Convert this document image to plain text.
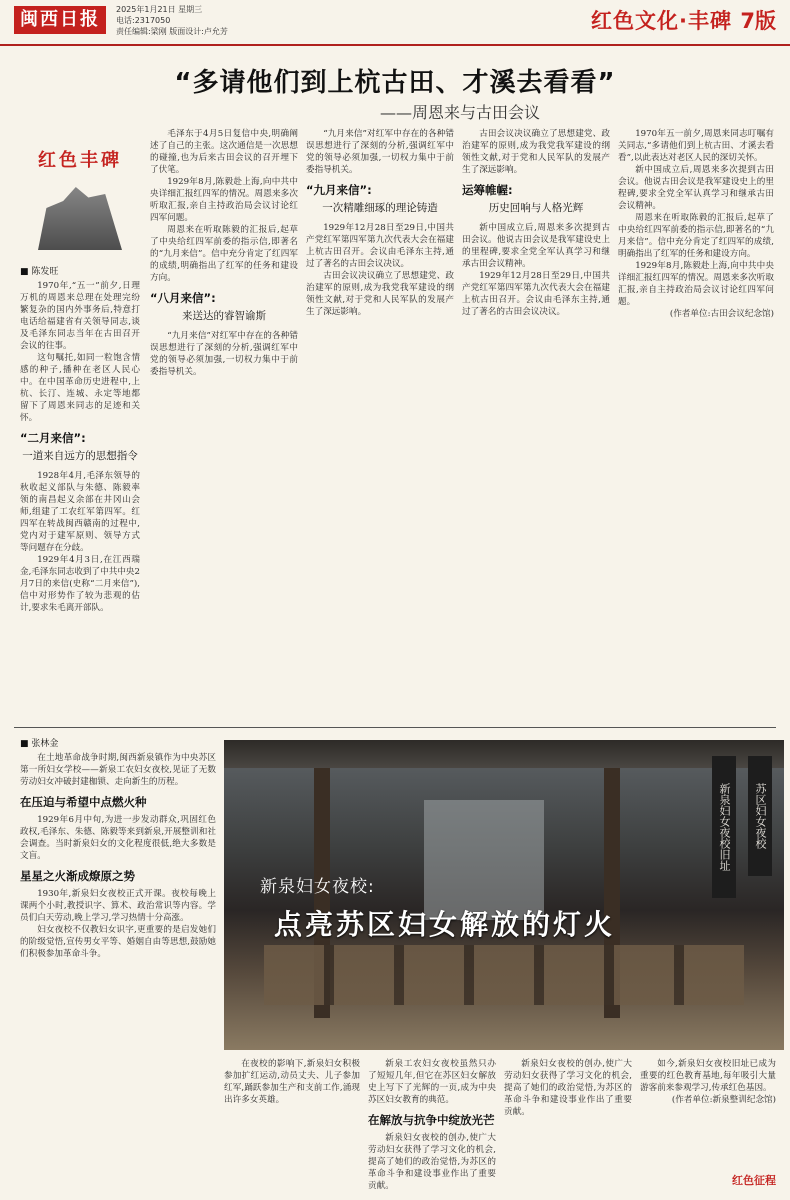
闽西日报	2025年1月21日 星期三
电话:2317050
责任编辑:梁刚 版面设计:卢允芳	红色文化·丰碑 7版
“多请他们到上杭古田、才溪去看看”
——周恩来与古田会议
红色丰碑
■ 陈发旺

1970年,“五一”前夕,日理万机的周恩来总理在处理完纷繁复杂的国内外事务后,特意打电话给福建省有关领导同志,谈及毛泽东同志当年在古田召开会议的往事。

这句嘱托,如同一粒饱含情感的种子,播种在老区人民心中。在中国革命历史进程中,上杭、长汀、连城、永定等地都留下了周恩来同志的足迹和关怀。

“二月来信”:
一道来自远方的思想指令

1928年4月,毛泽东领导的秋收起义部队与朱德、陈毅率领的南昌起义余部在井冈山会师,组建了工农红军第四军。红四军在转战闽西赣南的过程中,党内对于建军原则、领导方式等问题存在分歧。

1929年4月3日,在江西瑞金,毛泽东同志收到了中共中央2月7日的来信(史称“二月来信”),信中对形势作了较为悲观的估计,要求朱毛离开部队。

毛泽东于4月5日复信中央,明确阐述了自己的主张。这次通信是一次思想的碰撞,也为后来古田会议的召开埋下了伏笔。

1929年8月,陈毅赴上海,向中共中央详细汇报红四军的情况。周恩来多次听取汇报,亲自主持政治局会议讨论红四军问题。

周恩来在听取陈毅的汇报后,起草了中央给红四军前委的指示信,即著名的“九月来信”。信中充分肯定了红四军的成绩,明确指出了红军的任务和建设方向。

“八月来信”:
来送达的睿智谕斯

“九月来信”对红军中存在的各种错误思想进行了深刻的分析,强调红军中党的领导必须加强,一切权力集中于前委指导机关。

“九月来信”对红军中存在的各种错误思想进行了深刻的分析,强调红军中党的领导必须加强,一切权力集中于前委指导机关。

“九月来信”:
一次精雕细琢的理论铸造

1929年12月28日至29日,中国共产党红军第四军第九次代表大会在福建上杭古田召开。会议由毛泽东主持,通过了著名的古田会议决议。

古田会议决议确立了思想建党、政治建军的原则,成为我党我军建设的纲领性文献,对于党和人民军队的发展产生了深远影响。

古田会议决议确立了思想建党、政治建军的原则,成为我党我军建设的纲领性文献,对于党和人民军队的发展产生了深远影响。

运筹帷幄:
历史回响与人格光辉

新中国成立后,周恩来多次提到古田会议。他说古田会议是我军建设史上的里程碑,要求全党全军认真学习和继承古田会议精神。

1929年12月28日至29日,中国共产党红军第四军第九次代表大会在福建上杭古田召开。会议由毛泽东主持,通过了著名的古田会议决议。

1970年五一前夕,周恩来同志叮嘱有关同志,“多请他们到上杭古田、才溪去看看”,以此表达对老区人民的深切关怀。

新中国成立后,周恩来多次提到古田会议。他说古田会议是我军建设史上的里程碑,要求全党全军认真学习和继承古田会议精神。

周恩来在听取陈毅的汇报后,起草了中央给红四军前委的指示信,即著名的“九月来信”。信中充分肯定了红四军的成绩,明确指出了红军的任务和建设方向。

1929年8月,陈毅赴上海,向中共中央详细汇报红四军的情况。周恩来多次听取汇报,亲自主持政治局会议讨论红四军问题。

(作者单位:古田会议纪念馆)

■ 张林金

在土地革命战争时期,闽西新泉镇作为中央苏区第一所妇女学校——新泉工农妇女夜校,见证了无数劳动妇女冲破封建枷锁、走向新生的历程。

在压迫与希望中点燃火种

1929年6月中旬,为进一步发动群众,巩固红色政权,毛泽东、朱德、陈毅等来到新泉,开展整训和社会调查。当时新泉妇女的文化程度很低,绝大多数是文盲。

星星之火渐成燎原之势

1930年,新泉妇女夜校正式开课。夜校每晚上课两个小时,教授识字、算术、政治常识等内容。学员们白天劳动,晚上学习,学习热情十分高涨。

妇女夜校不仅教妇女识字,更重要的是启发她们的阶级觉悟,宣传男女平等、婚姻自由等思想,鼓励她们积极参加革命斗争。

新泉妇女夜校旧址	苏区妇女夜校
新泉妇女夜校:
点亮苏区妇女解放的灯火

在夜校的影响下,新泉妇女积极参加扩红运动,动员丈夫、儿子参加红军,踊跃参加生产和支前工作,涌现出许多女英雄。

新泉工农妇女夜校虽然只办了短短几年,但它在苏区妇女解放史上写下了光辉的一页,成为中央苏区妇女教育的典范。

在解放与抗争中绽放光芒

新泉妇女夜校的创办,使广大劳动妇女获得了学习文化的机会,提高了她们的政治觉悟,为苏区的革命斗争和建设事业作出了重要贡献。

新泉妇女夜校的创办,使广大劳动妇女获得了学习文化的机会,提高了她们的政治觉悟,为苏区的革命斗争和建设事业作出了重要贡献。

如今,新泉妇女夜校旧址已成为重要的红色教育基地,每年吸引大量游客前来参观学习,传承红色基因。

(作者单位:新泉整训纪念馆)

红色征程
